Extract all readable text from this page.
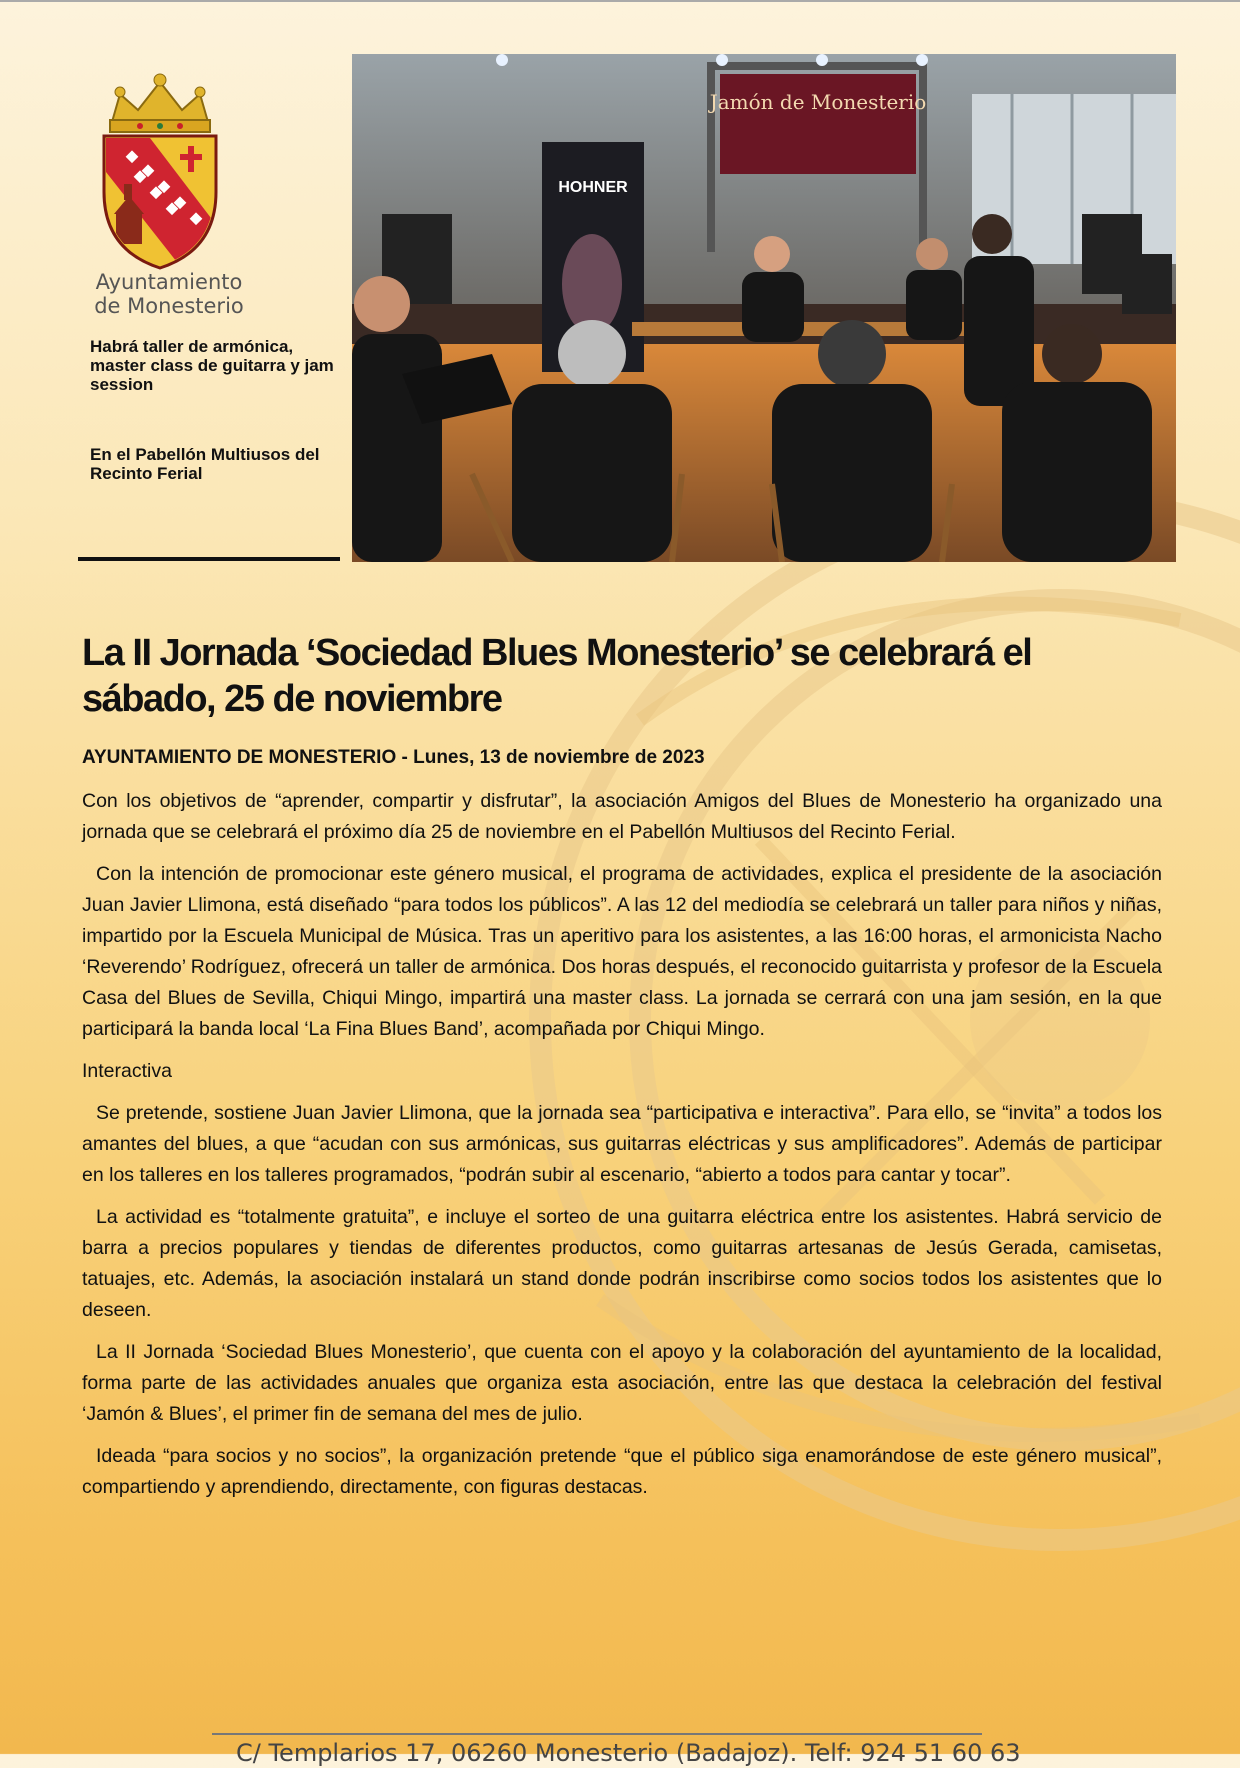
Ayuntamiento
de Monesterio
Habrá taller de armónica, master class de guitarra y jam session
En el Pabellón Multiusos del Recinto Ferial
Jamón de Monesterio
HOHNER
La II Jornada ‘Sociedad Blues Monesterio’ se celebrará el sábado, 25 de noviembre
AYUNTAMIENTO DE MONESTERIO - Lunes, 13 de noviembre de 2023

Con los objetivos de “aprender, compartir y disfrutar”, la asociación Amigos del Blues de Monesterio ha organizado una jornada que se celebrará el próximo día 25 de noviembre en el Pabellón Multiusos del Recinto Ferial.

Con la intención de promocionar este género musical, el programa de actividades, explica el presidente de la asociación Juan Javier Llimona, está diseñado “para todos los públicos”. A las 12 del mediodía se celebrará un taller para niños y niñas, impartido por la Escuela Municipal de Música. Tras un aperitivo para los asistentes, a las 16:00 horas, el armonicista Nacho ‘Reverendo’ Rodríguez, ofrecerá un taller de armónica. Dos horas después, el reconocido guitarrista y profesor de la Escuela Casa del Blues de Sevilla, Chiqui Mingo, impartirá una master class. La jornada se cerrará con una jam sesión, en la que participará la banda local ‘La Fina Blues Band’, acompañada por Chiqui Mingo.

Interactiva

Se pretende, sostiene Juan Javier Llimona, que la jornada sea “participativa e interactiva”. Para ello, se “invita” a todos los amantes del blues, a que “acudan con sus armónicas, sus guitarras eléctricas y sus amplificadores”. Además de participar en los talleres en los talleres programados, “podrán subir al escenario, “abierto a todos para cantar y tocar”.

La actividad es “totalmente gratuita”, e incluye el sorteo de una guitarra eléctrica entre los asistentes. Habrá servicio de barra a precios populares y tiendas de diferentes productos, como guitarras artesanas de Jesús Gerada, camisetas, tatuajes, etc. Además, la asociación instalará un stand donde podrán inscribirse como socios todos los asistentes que lo deseen.

La II Jornada ‘Sociedad Blues Monesterio’, que cuenta con el apoyo y la colaboración del ayuntamiento de la localidad, forma parte de las actividades anuales que organiza esta asociación, entre las que destaca la celebración del festival ‘Jamón & Blues’, el primer fin de semana del mes de julio.

Ideada “para socios y no socios”, la organización pretende “que el público siga enamorándose de este género musical”, compartiendo y aprendiendo, directamente, con figuras destacas.

C/ Templarios 17, 06260 Monesterio (Badajoz). Telf: 924 51 60 63
